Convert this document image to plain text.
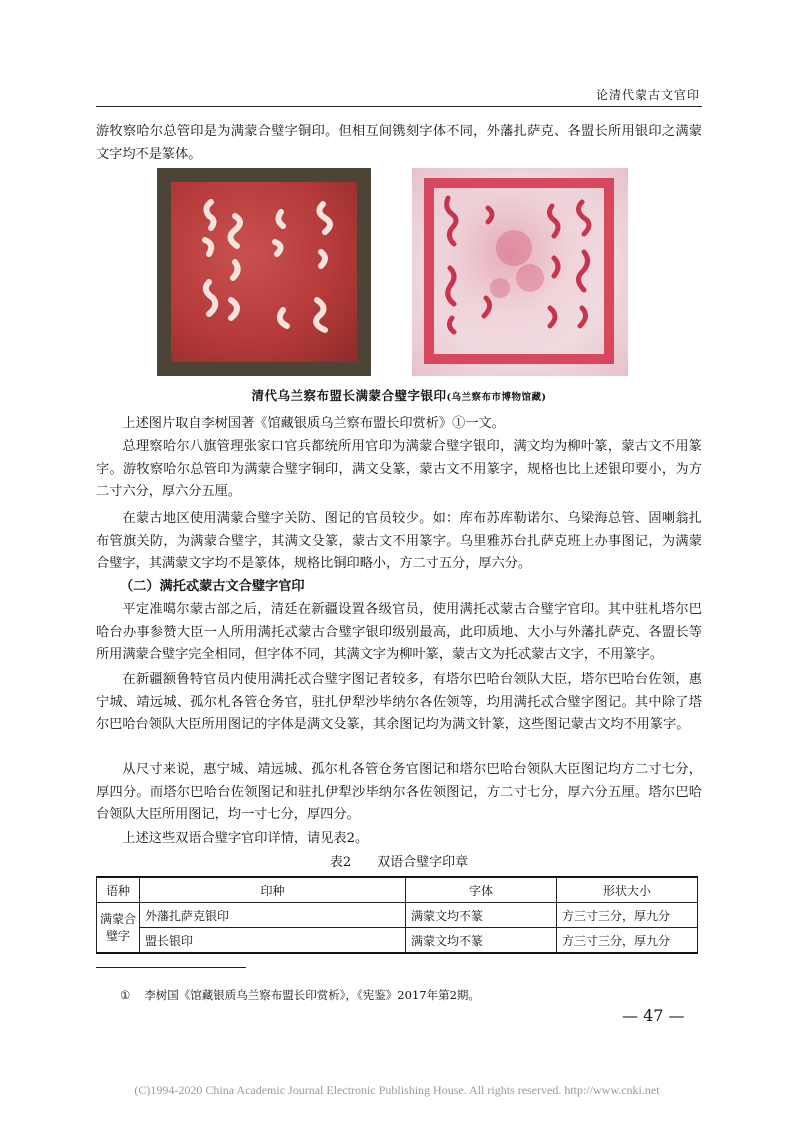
论清代蒙古文官印
游牧察哈尔总管印是为满蒙合璧字铜印。但相互间镌刻字体不同，外藩扎萨克、各盟长所用银印之满蒙文字均不是篆体。
清代乌兰察布盟长满蒙合璧字银印(乌兰察布市博物馆藏)
上述图片取自李树国著《馆藏银质乌兰察布盟长印赏析》①一文。
总理察哈尔八旗管理张家口官兵都统所用官印为满蒙合璧字银印，满文均为柳叶篆，蒙古文不用篆字。游牧察哈尔总管印为满蒙合璧字铜印，满文殳篆，蒙古文不用篆字，规格也比上述银印要小，为方二寸六分，厚六分五厘。
在蒙古地区使用满蒙合璧字关防、图记的官员较少。如：库布苏库勒诺尔、乌梁海总管、固喇翁扎布管旗关防，为满蒙合璧字，其满文殳篆，蒙古文不用篆字。乌里雅苏台扎萨克班上办事图记，为满蒙合璧字，其满蒙文字均不是篆体，规格比铜印略小，方二寸五分，厚六分。
（二）满托忒蒙古文合璧字官印
平定准噶尔蒙古部之后，清廷在新疆设置各级官员，使用满托忒蒙古合璧字官印。其中驻札塔尔巴哈台办事参赞大臣一人所用满托忒蒙古合璧字银印级别最高，此印质地、大小与外藩扎萨克、各盟长等所用满蒙合璧字完全相同，但字体不同，其满文字为柳叶篆，蒙古文为托忒蒙古文字，不用篆字。
在新疆额鲁特官员内使用满托忒合璧字图记者较多，有塔尔巴哈台领队大臣，塔尔巴哈台佐领，惠宁城、靖远城、孤尔札各管仓务官，驻扎伊犁沙毕纳尔各佐领等，均用满托忒合璧字图记。其中除了塔尔巴哈台领队大臣所用图记的字体是满文殳篆，其余图记均为满文针篆，这些图记蒙古文均不用篆字。
从尺寸来说，惠宁城、靖远城、孤尔札各管仓务官图记和塔尔巴哈台领队大臣图记均方二寸七分，厚四分。而塔尔巴哈台佐领图记和驻扎伊犁沙毕纳尔各佐领图记，方二寸七分，厚六分五厘。塔尔巴哈台领队大臣所用图记，均一寸七分，厚四分。
上述这些双语合璧字官印详情，请见表2。
表2 双语合璧字印章
语种	印种	字体	形状大小
满蒙合璧字	外藩扎萨克银印	满蒙文均不篆	方三寸三分，厚九分
	盟长银印	满蒙文均不篆	方三寸三分，厚九分
① 李树国《馆藏银质乌兰察布盟长印赏析》，《宪鉴》2017年第2期。
— 47 —
(C)1994-2020 China Academic Journal Electronic Publishing House. All rights reserved. http://www.cnki.net
